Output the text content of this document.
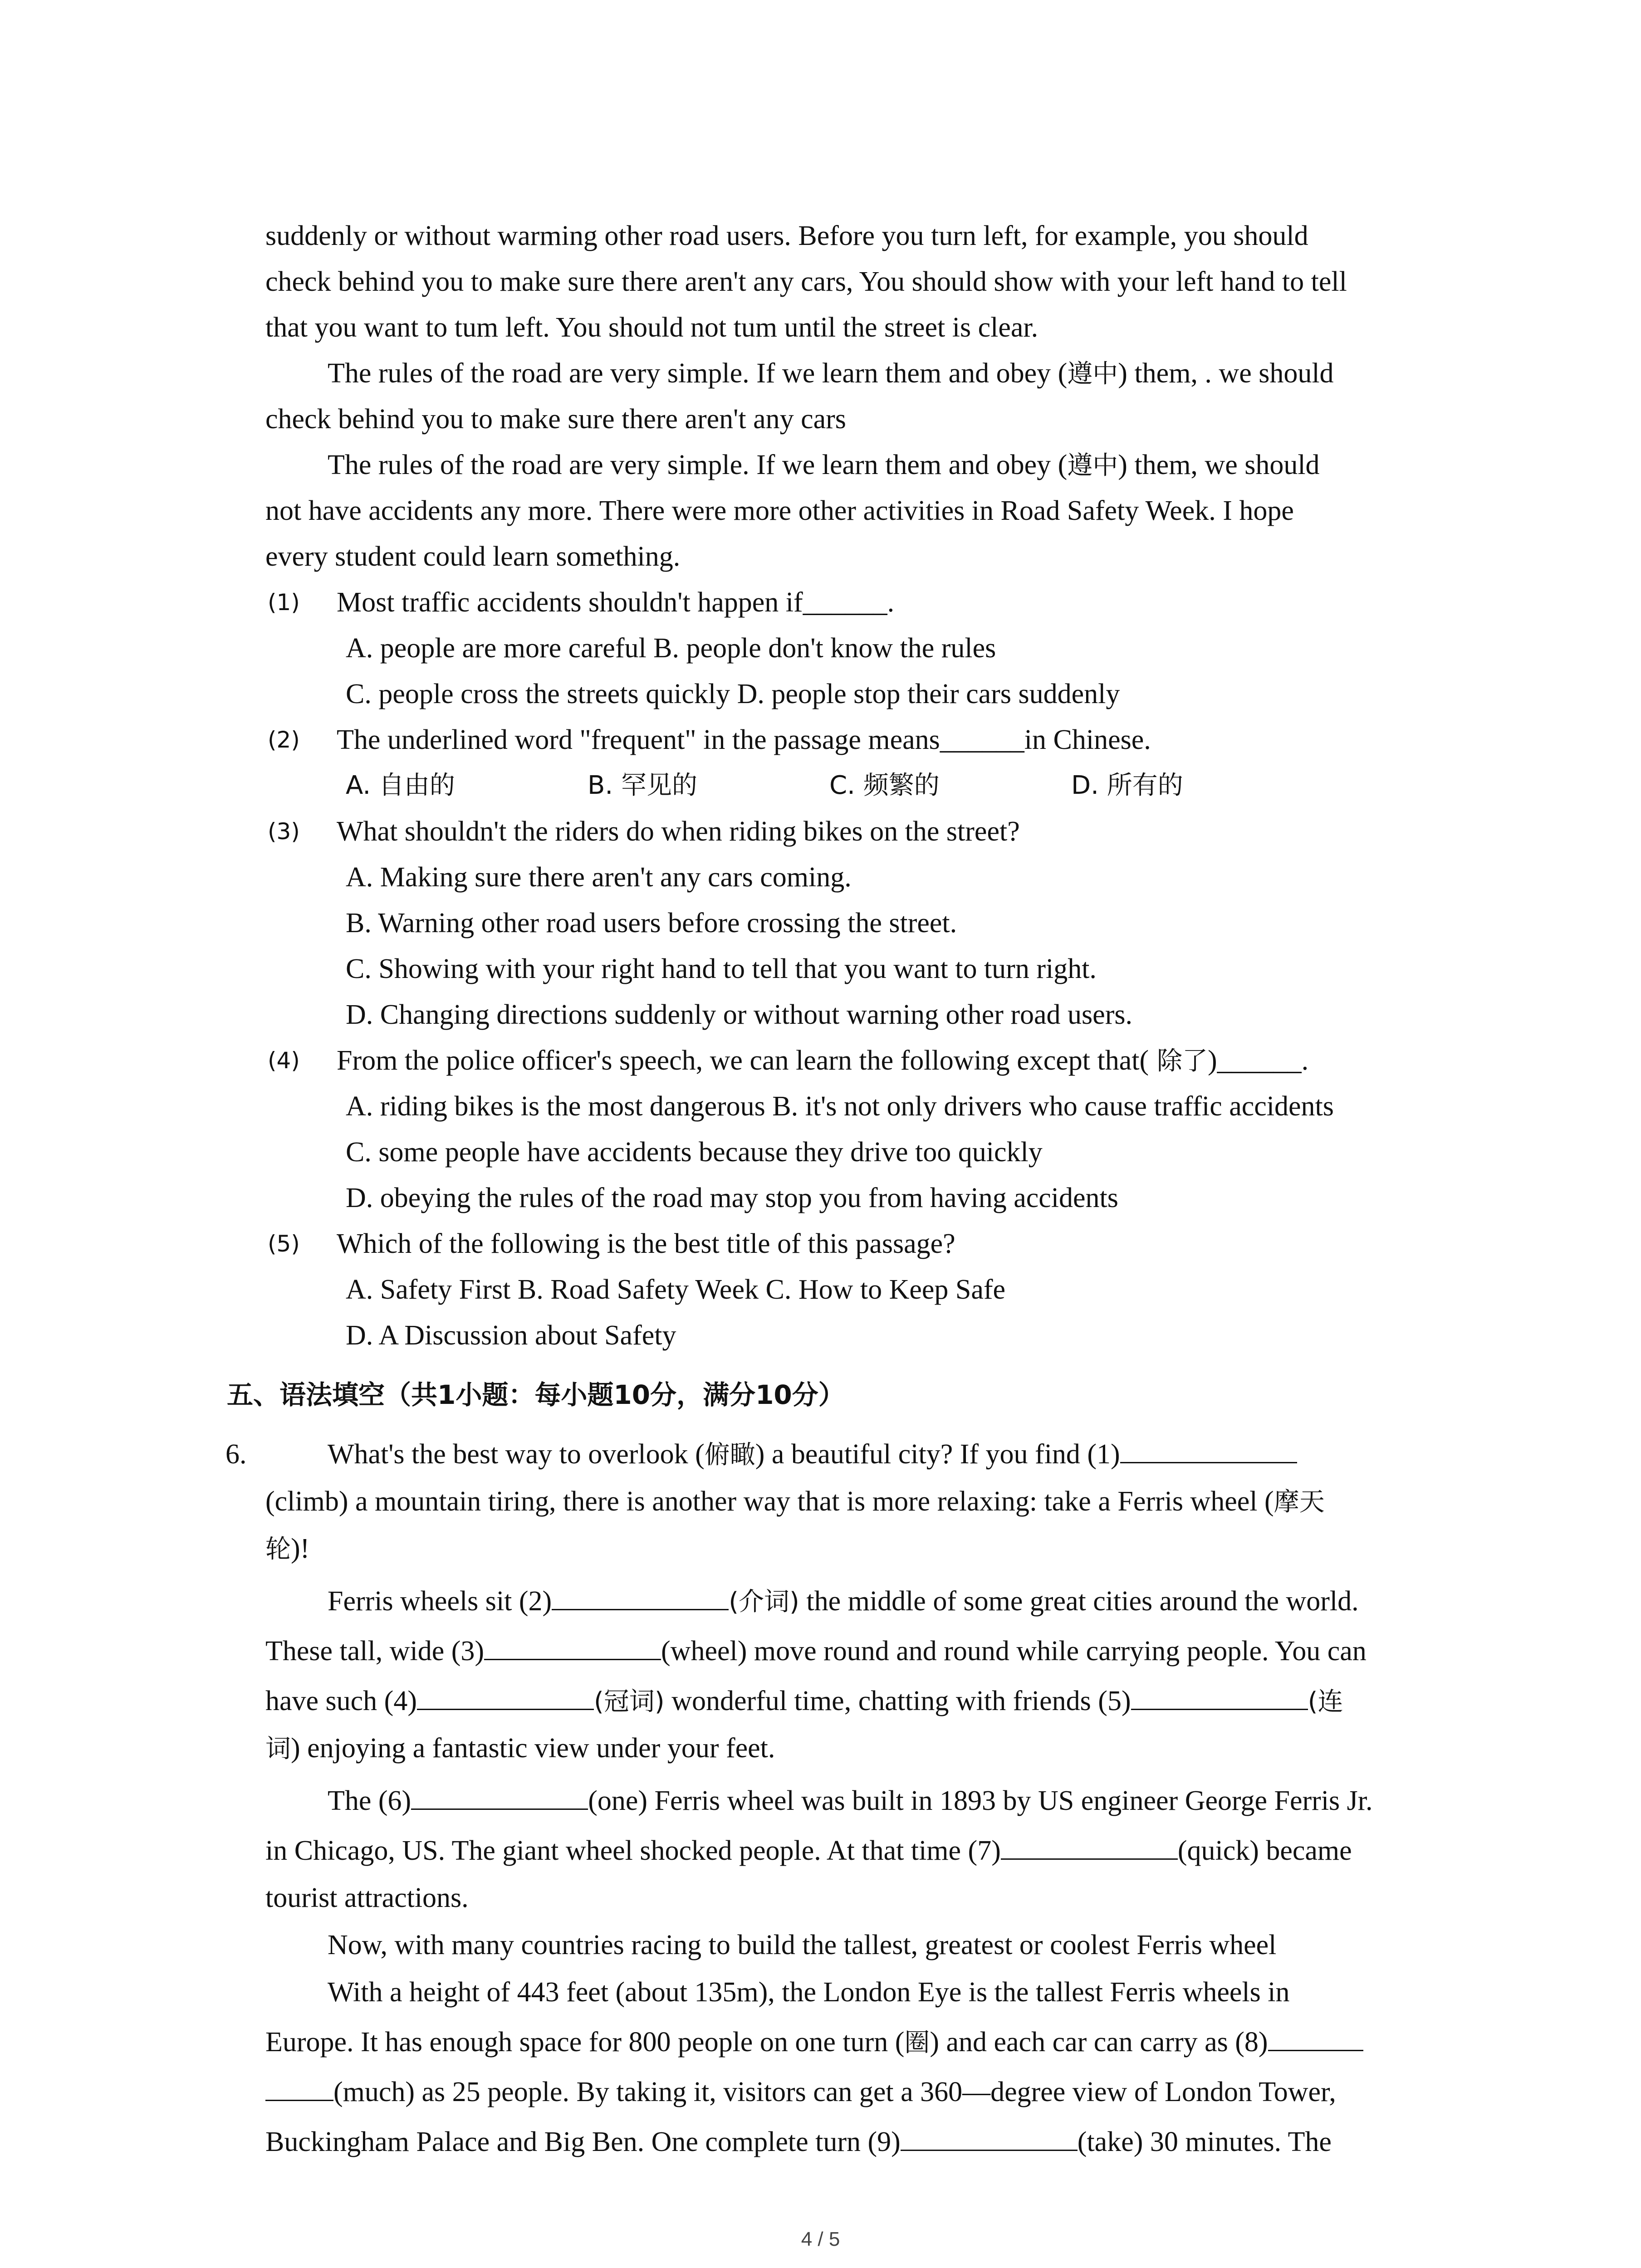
suddenly or without warming other road users. Before you turn left, for example, you should
check behind you to make sure there aren't any cars, You should show with your left hand to tell
that you want to tum left. You should not tum until the street is clear.
The rules of the road are very simple. If we learn them and obey (遵中) them, . we should
check behind you to make sure there aren't any cars
The rules of the road are very simple. If we learn them and obey (遵中) them, we should
not have accidents any more. There were more other activities in Road Safety Week. I hope
every student could learn something.
(1) Most traffic accidents shouldn't happen if______.
A. people are more careful B. people don't know the rules
C. people cross the streets quickly D. people stop their cars suddenly
(2) The underlined word "frequent" in the passage means______in Chinese.
A. 自由的	B. 罕见的	C. 频繁的	D. 所有的
(3) What shouldn't the riders do when riding bikes on the street?
A. Making sure there aren't any cars coming.
B. Warning other road users before crossing the street.
C. Showing with your right hand to tell that you want to turn right.
D. Changing directions suddenly or without warning other road users.
(4) From the police officer's speech, we can learn the following except that( 除了)______.
A. riding bikes is the most dangerous B. it's not only drivers who cause traffic accidents
C. some people have accidents because they drive too quickly
D. obeying the rules of the road may stop you from having accidents
(5) Which of the following is the best title of this passage?
A. Safety First B. Road Safety Week C. How to Keep Safe
D. A Discussion about Safety
五、语法填空（共1小题：每小题10分，满分10分）
6.	What's the best way to overlook (俯瞰) a beautiful city? If you find (1)
(climb) a mountain tiring, there is another way that is more relaxing: take a Ferris wheel (摩天
轮)!
Ferris wheels sit (2)	(介词) the middle of some great cities around the world.
These tall, wide (3)	(wheel) move round and round while carrying people. You can
have such (4)	(冠词) wonderful time, chatting with friends (5)	(连
词) enjoying a fantastic view under your feet.
The (6)	(one) Ferris wheel was built in 1893 by US engineer George Ferris Jr.
in Chicago, US. The giant wheel shocked people. At that time (7)	(quick) became
tourist attractions.
Now, with many countries racing to build the tallest, greatest or coolest Ferris wheel
With a height of 443 feet (about 135m), the London Eye is the tallest Ferris wheels in
Europe. It has enough space for 800 people on one turn (圈) and each car can carry as (8)
(much) as 25 people. By taking it, visitors can get a 360—degree view of London Tower,
Buckingham Palace and Big Ben. One complete turn (9)	(take) 30 minutes. The
4 / 5
